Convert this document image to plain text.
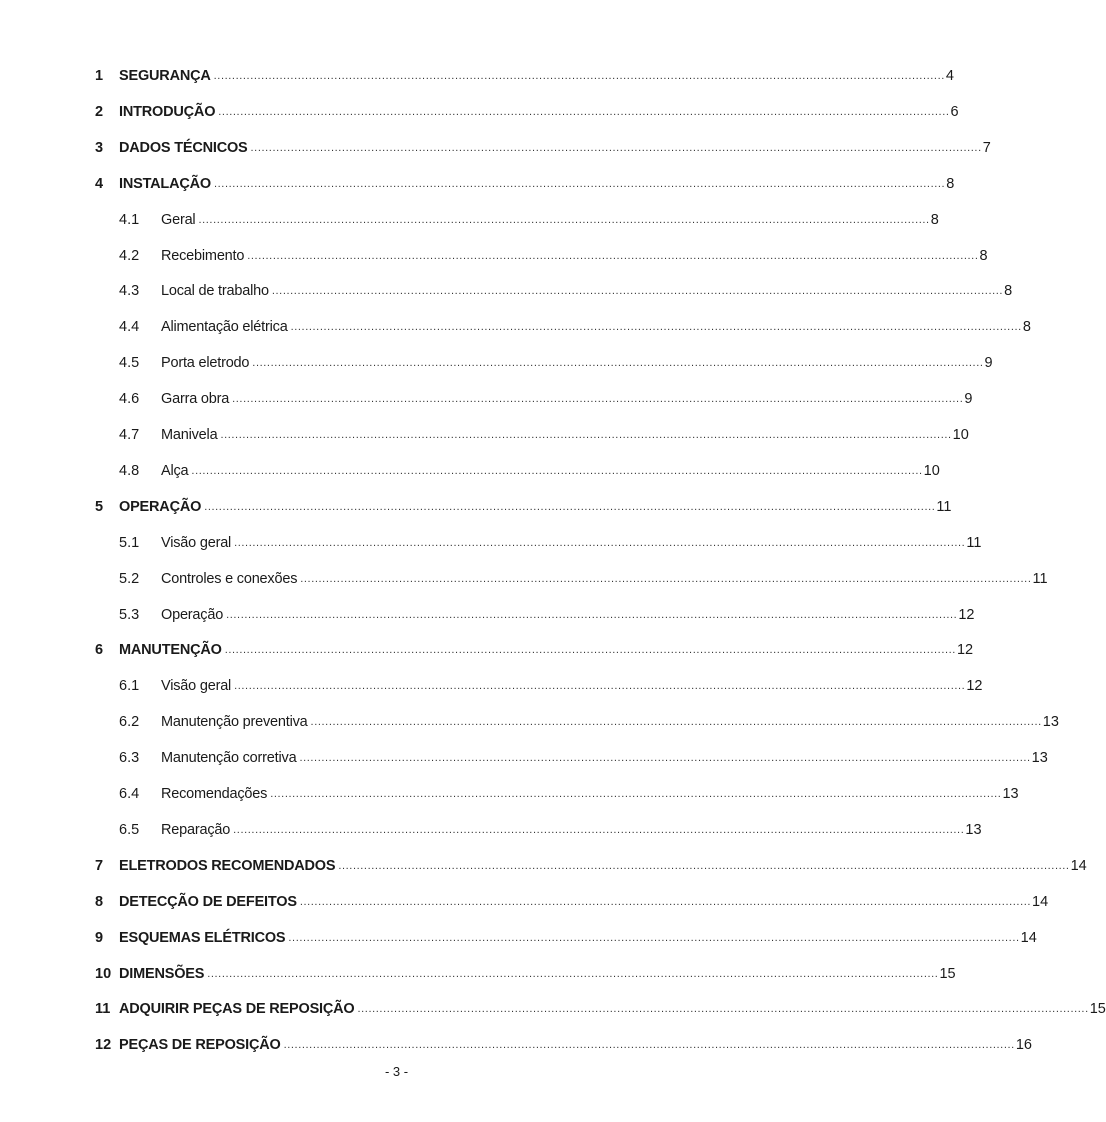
1	SEGURANÇA ........................................................................................................................................................................................................ 4
2	INTRODUÇÃO ........................................................................................................................................................................................................ 6
3	DADOS TÉCNICOS ........................................................................................................................................................................................................ 7
4	INSTALAÇÃO ........................................................................................................................................................................................................ 8
4.1	Geral ........................................................................................................................................................................................................ 8
4.2	Recebimento ........................................................................................................................................................................................................ 8
4.3	Local de trabalho ........................................................................................................................................................................................................ 8
4.4	Alimentação elétrica ........................................................................................................................................................................................................ 8
4.5	Porta eletrodo ........................................................................................................................................................................................................ 9
4.6	Garra obra ........................................................................................................................................................................................................ 9
4.7	Manivela ........................................................................................................................................................................................................ 10
4.8	Alça ........................................................................................................................................................................................................ 10
5	OPERAÇÃO ........................................................................................................................................................................................................ 11
5.1	Visão geral ........................................................................................................................................................................................................ 11
5.2	Controles e conexões ........................................................................................................................................................................................................ 11
5.3	Operação ........................................................................................................................................................................................................ 12
6	MANUTENÇÃO ........................................................................................................................................................................................................ 12
6.1	Visão geral ........................................................................................................................................................................................................ 12
6.2	Manutenção preventiva ........................................................................................................................................................................................................ 13
6.3	Manutenção corretiva ........................................................................................................................................................................................................ 13
6.4	Recomendações ........................................................................................................................................................................................................ 13
6.5	Reparação ........................................................................................................................................................................................................ 13
7	ELETRODOS RECOMENDADOS ........................................................................................................................................................................................................ 14
8	DETECÇÃO DE DEFEITOS ........................................................................................................................................................................................................ 14
9	ESQUEMAS ELÉTRICOS ........................................................................................................................................................................................................ 14
10 DIMENSÕES ........................................................................................................................................................................................................ 15
11 ADQUIRIR PEÇAS DE REPOSIÇÃO ........................................................................................................................................................................................................ 15
12 PEÇAS DE REPOSIÇÃO ........................................................................................................................................................................................................ 16
- 3 -
